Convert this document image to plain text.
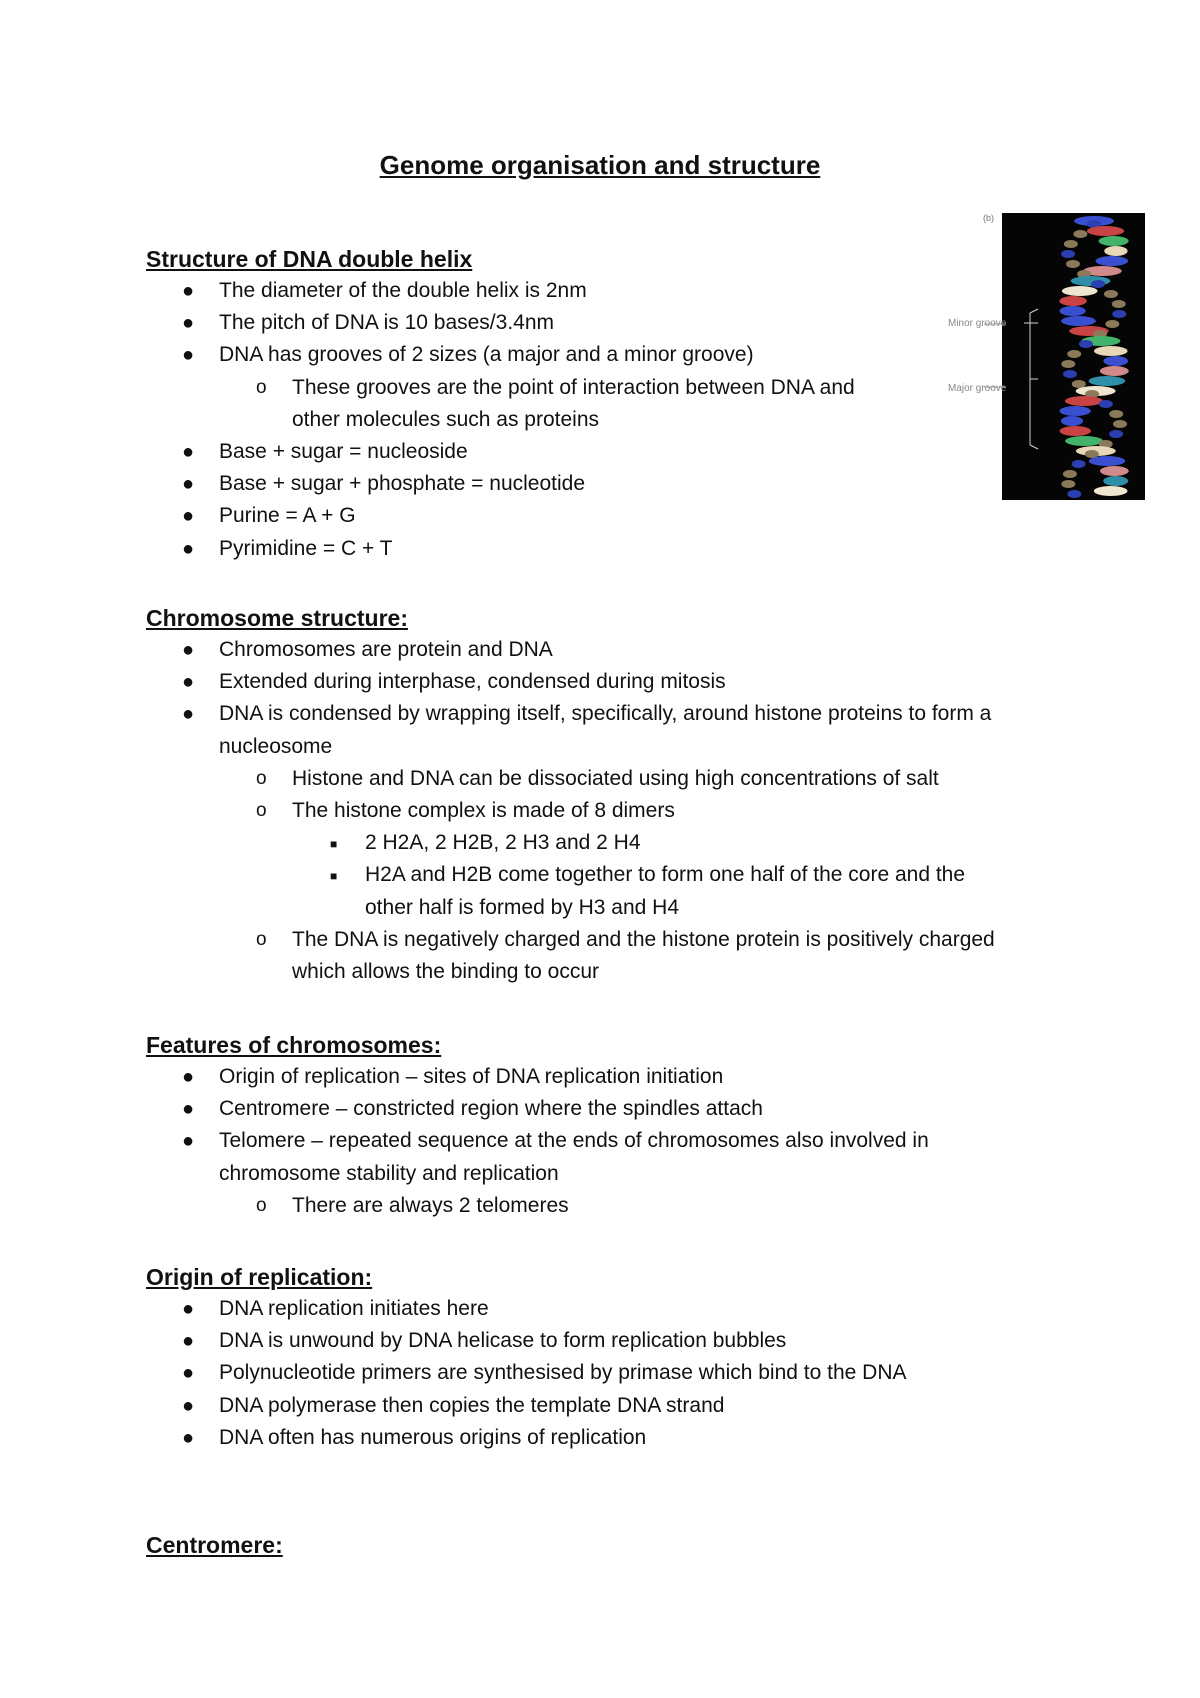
Genome organisation and structure
(b)
Minor groove
Major groove
Structure of DNA double helix
● The diameter of the double helix is 2nm
● The pitch of DNA is 10 bases/3.4nm
● DNA has grooves of 2 sizes (a major and a minor groove)
o These grooves are the point of interaction between DNA and
other molecules such as proteins
● Base + sugar = nucleoside
● Base + sugar + phosphate = nucleotide
● Purine = A + G
● Pyrimidine = C + T
Chromosome structure:
● Chromosomes are protein and DNA
● Extended during interphase, condensed during mitosis
● DNA is condensed by wrapping itself, specifically, around histone proteins to form a
nucleosome
o Histone and DNA can be dissociated using high concentrations of salt
o The histone complex is made of 8 dimers
■ 2 H2A, 2 H2B, 2 H3 and 2 H4
■ H2A and H2B come together to form one half of the core and the
other half is formed by H3 and H4
o The DNA is negatively charged and the histone protein is positively charged
which allows the binding to occur
Features of chromosomes:
● Origin of replication – sites of DNA replication initiation
● Centromere – constricted region where the spindles attach
● Telomere – repeated sequence at the ends of chromosomes also involved in
chromosome stability and replication
o There are always 2 telomeres
Origin of replication:
● DNA replication initiates here
● DNA is unwound by DNA helicase to form replication bubbles
● Polynucleotide primers are synthesised by primase which bind to the DNA
● DNA polymerase then copies the template DNA strand
● DNA often has numerous origins of replication
Centromere:
